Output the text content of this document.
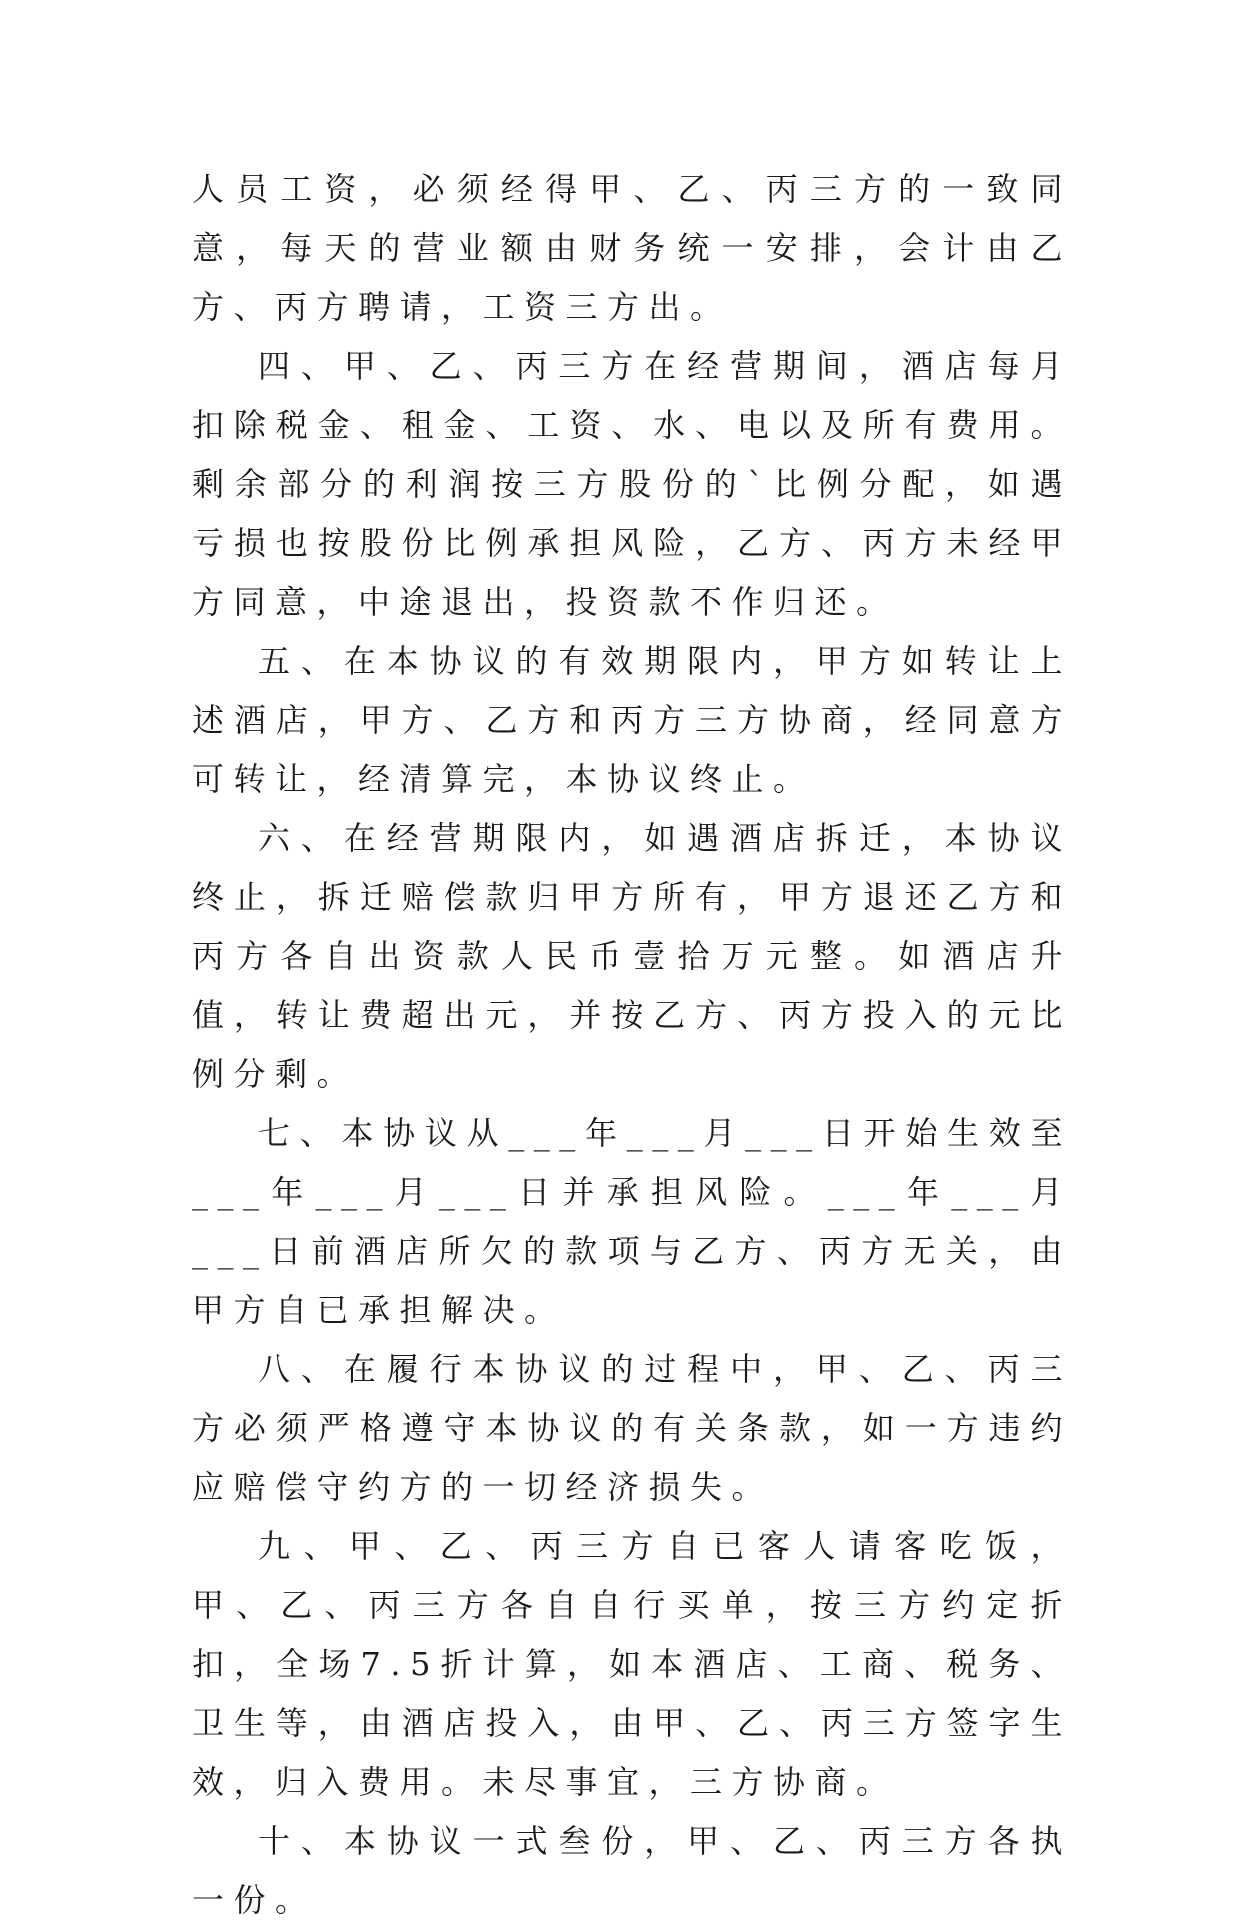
人员工资，必须经得甲、乙、丙三方的一致同意，每天的营业额由财务统一安排，会计由乙方、丙方聘请，工资三方出。

四、甲、乙、丙三方在经营期间，酒店每月扣除税金、租金、工资、水、电以及所有费用。剩余部分的利润按三方股份的`比例分配，如遇亏损也按股份比例承担风险，乙方、丙方未经甲方同意，中途退出，投资款不作归还。

五、在本协议的有效期限内，甲方如转让上述酒店，甲方、乙方和丙方三方协商，经同意方可转让，经清算完，本协议终止。

六、在经营期限内，如遇酒店拆迁，本协议终止，拆迁赔偿款归甲方所有，甲方退还乙方和丙方各自出资款人民币壹拾万元整。如酒店升值，转让费超出元，并按乙方、丙方投入的元比例分剩。

七、本协议从___年___月___日开始生效至___年___月___日并承担风险。___年___月___日前酒店所欠的款项与乙方、丙方无关，由甲方自已承担解决。

八、在履行本协议的过程中，甲、乙、丙三方必须严格遵守本协议的有关条款，如一方违约应赔偿守约方的一切经济损失。

九、甲、乙、丙三方自已客人请客吃饭，甲、乙、丙三方各自自行买单，按三方约定折扣，全场7.5折计算，如本酒店、工商、税务、卫生等，由酒店投入，由甲、乙、丙三方签字生效，归入费用。未尽事宜，三方协商。

十、本协议一式叁份，甲、乙、丙三方各执一份。
